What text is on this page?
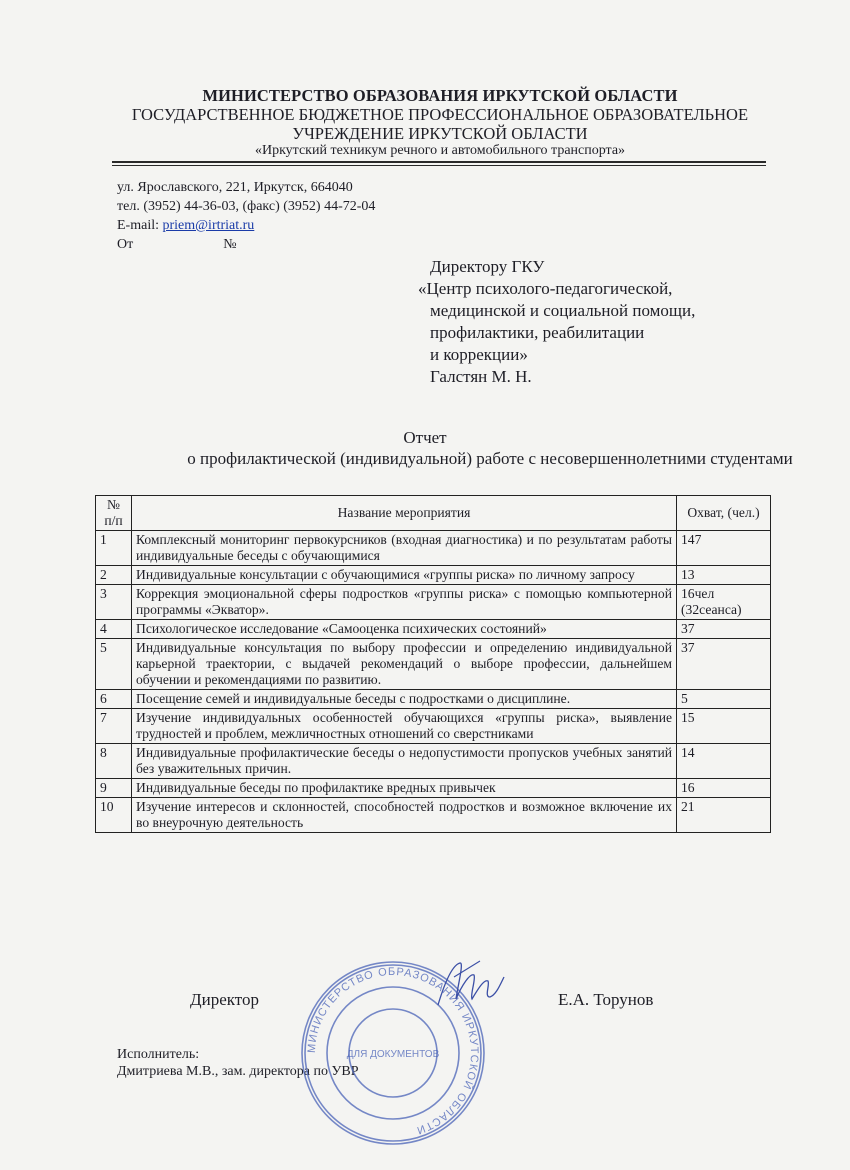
МИНИСТЕРСТВО ОБРАЗОВАНИЯ ИРКУТСКОЙ ОБЛАСТИ
ГОСУДАРСТВЕННОЕ БЮДЖЕТНОЕ ПРОФЕССИОНАЛЬНОЕ ОБРАЗОВАТЕЛЬНОЕ
УЧРЕЖДЕНИЕ ИРКУТСКОЙ ОБЛАСТИ
«Иркутский техникум речного и автомобильного транспорта»
ул. Ярославского, 221, Иркутск, 664040
тел. (3952) 44-36-03, (факс) (3952) 44-72-04
E-mail: priem@irtriat.ru
От	№
Директору ГКУ
«Центр психолого-педагогической,
медицинской и социальной помощи,
профилактики, реабилитации
и коррекции»
Галстян М. Н.
Отчет
о профилактической (индивидуальной) работе с несовершеннолетними студентами
№ п/п	Название мероприятия	Охват, (чел.)
1	Комплексный мониторинг первокурсников (входная диагностика) и по результатам работы индивидуальные беседы с обучающимися	147
2	Индивидуальные консультации с обучающимися «группы риска» по личному запросу	13
3	Коррекция эмоциональной сферы подростков «группы риска» с помощью компьютерной программы «Экватор».	16чел (32сеанса)
4	Психологическое исследование «Самооценка психических состояний»	37
5	Индивидуальные консультация по выбору профессии и определению индивидуальной карьерной траектории, с выдачей рекомендаций о выборе профессии, дальнейшем обучении и рекомендациями по развитию.	37
6	Посещение семей и индивидуальные беседы с подростками о дисциплине.	5
7	Изучение индивидуальных особенностей обучающихся «группы риска», выявление трудностей и проблем, межличностных отношений со сверстниками	15
8	Индивидуальные профилактические беседы о недопустимости пропусков учебных занятий без уважительных причин.	14
9	Индивидуальные беседы по профилактике вредных привычек	16
10	Изучение интересов и склонностей, способностей подростков и возможное включение их во внеурочную деятельность	21
Директор	Е.А. Торунов
Исполнитель:
Дмитриева М.В., зам. директора по УВР
МИНИСТЕРСТВО ОБРАЗОВАНИЯ ИРКУТСКОЙ ОБЛАСТИ
ДЛЯ ДОКУМЕНТОВ
